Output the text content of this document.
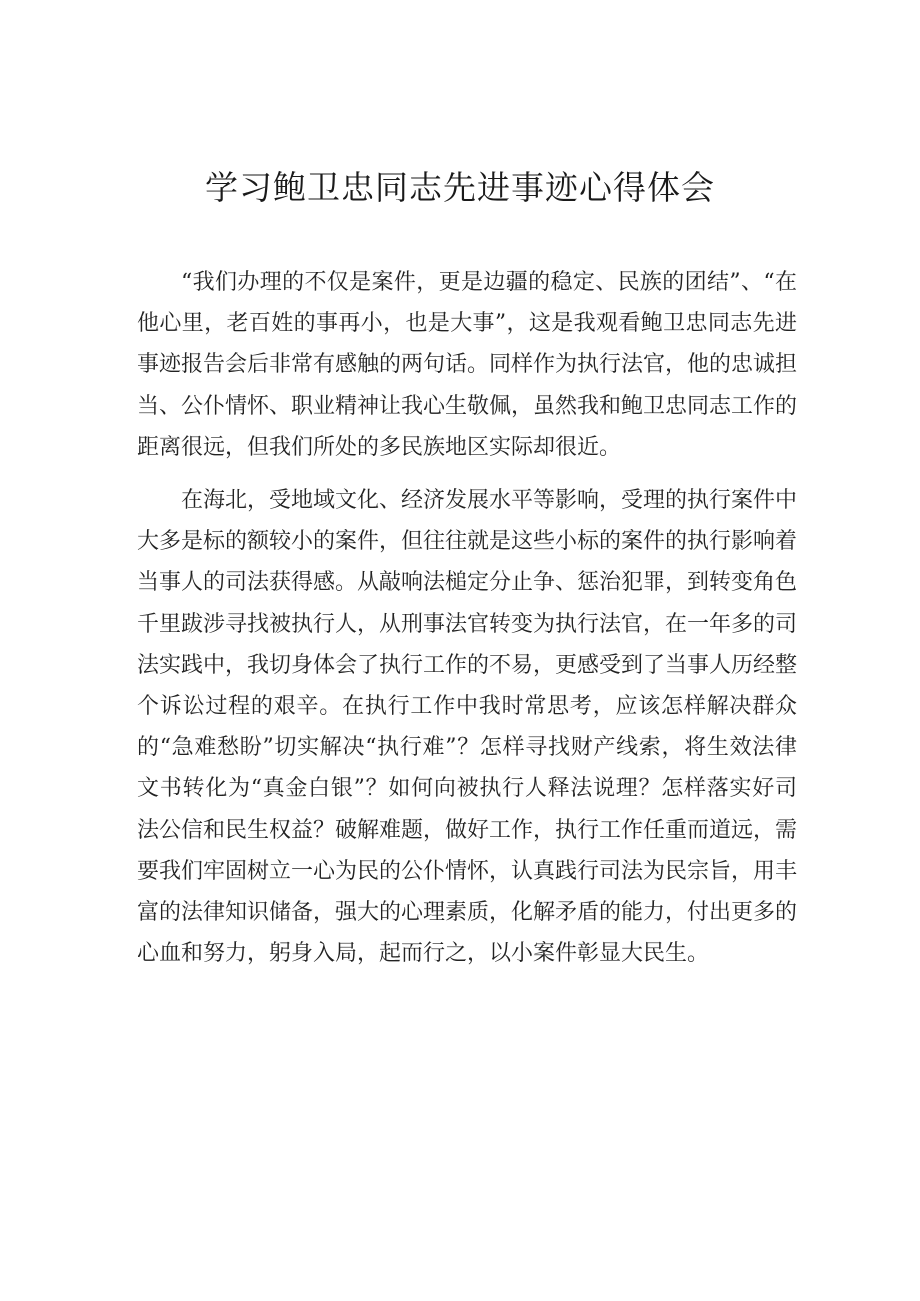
学习鲍卫忠同志先进事迹心得体会

“我们办理的不仅是案件，更是边疆的稳定、民族的团结”、“在他心里，老百姓的事再小，也是大事”，这是我观看鲍卫忠同志先进事迹报告会后非常有感触的两句话。同样作为执行法官，他的忠诚担当、公仆情怀、职业精神让我心生敬佩，虽然我和鲍卫忠同志工作的距离很远，但我们所处的多民族地区实际却很近。

在海北，受地域文化、经济发展水平等影响，受理的执行案件中大多是标的额较小的案件，但往往就是这些小标的案件的执行影响着当事人的司法获得感。从敲响法槌定分止争、惩治犯罪，到转变角色千里跋涉寻找被执行人，从刑事法官转变为执行法官，在一年多的司法实践中，我切身体会了执行工作的不易，更感受到了当事人历经整个诉讼过程的艰辛。在执行工作中我时常思考，应该怎样解决群众的“急难愁盼”切实解决“执行难”？怎样寻找财产线索，将生效法律文书转化为“真金白银”？如何向被执行人释法说理？怎样落实好司法公信和民生权益？破解难题，做好工作，执行工作任重而道远，需要我们牢固树立一心为民的公仆情怀，认真践行司法为民宗旨，用丰富的法律知识储备，强大的心理素质，化解矛盾的能力，付出更多的心血和努力，躬身入局，起而行之，以小案件彰显大民生。
